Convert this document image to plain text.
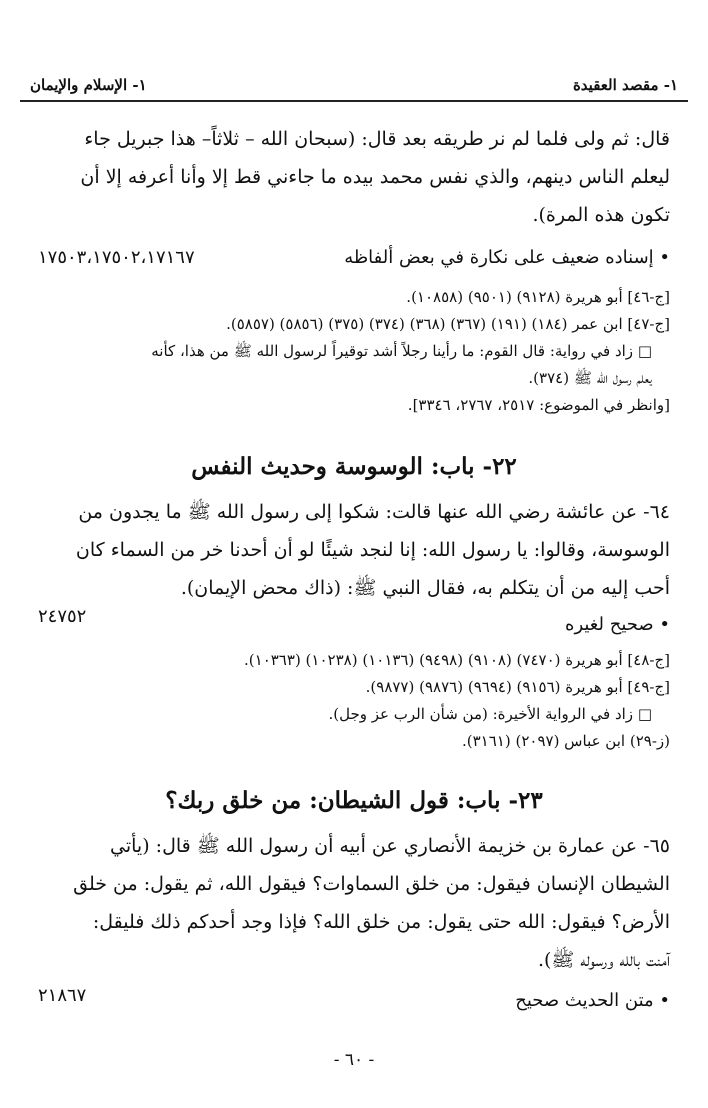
١- مقصد العقيدة
١- الإسلام والإيمان
قال: ثم ولى فلما لم نر طريقه بعد قال: (سبحان الله – ثلاثاً– هذا جبريل جاء
ليعلم الناس دينهم، والذي نفس محمد بيده ما جاءني قط إلا وأنا أعرفه إلا أن
تكون هذه المرة).
• إسناده ضعيف على نكارة في بعض ألفاظه
١٧٥٠٣،١٧٥٠٢،١٧١٦٧
[ج-٤٦] أبو هريرة (٩١٢٨) (٩٥٠١) (١٠٨٥٨).
[ج-٤٧] ابن عمر (١٨٤) (١٩١) (٣٦٧) (٣٦٨) (٣٧٤) (٣٧٥) (٥٨٥٦) (٥٨٥٧).
□ زاد في رواية: قال القوم: ما رأينا رجلاً أشد توقيراً لرسول الله ﷺ من هذا، كأنه
يعلم رسول الله ﷺ (٣٧٤).
[وانظر في الموضوع: ٢٥١٧، ٢٧٦٧، ٣٣٤٦].
٢٢- باب: الوسوسة وحديث النفس
٦٤- عن عائشة رضي الله عنها قالت: شكوا إلى رسول الله ﷺ ما يجدون من
الوسوسة، وقالوا: يا رسول الله: إنا لنجد شيئًا لو أن أحدنا خر من السماء كان
أحب إليه من أن يتكلم به، فقال النبي ﷺ: (ذاك محض الإيمان).
• صحيح لغيره
٢٤٧٥٢
[ج-٤٨] أبو هريرة (٧٤٧٠) (٩١٠٨) (٩٤٩٨) (١٠١٣٦) (١٠٢٣٨) (١٠٣٦٣).
[ج-٤٩] أبو هريرة (٩١٥٦) (٩٦٩٤) (٩٨٧٦) (٩٨٧٧).
□ زاد في الرواية الأخيرة: (من شأن الرب عز وجل).
(ز-٢٩) ابن عباس (٢٠٩٧) (٣١٦١).
٢٣- باب: قول الشيطان: من خلق ربك؟
٦٥- عن عمارة بن خزيمة الأنصاري عن أبيه أن رسول الله ﷺ قال: (يأتي
الشيطان الإنسان فيقول: من خلق السماوات؟ فيقول الله، ثم يقول: من خلق
الأرض؟ فيقول: الله حتى يقول: من خلق الله؟ فإذا وجد أحدكم ذلك فليقل:
آمنت بالله ورسوله ﷺ).
• متن الحديث صحيح
٢١٨٦٧
- ٦٠ -
